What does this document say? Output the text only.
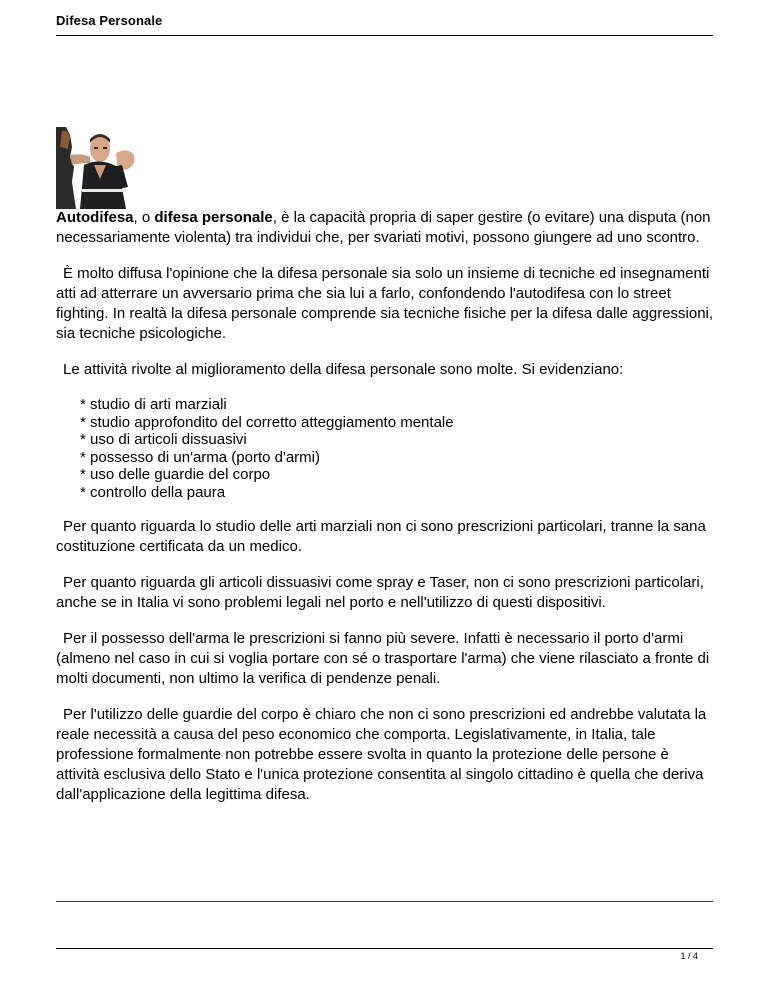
Difesa Personale

Autodifesa, o difesa personale, è la capacità propria di saper gestire (o evitare) una disputa (non necessariamente violenta) tra individui che, per svariati motivi, possono giungere ad uno scontro.

È molto diffusa l'opinione che la difesa personale sia solo un insieme di tecniche ed insegnamenti atti ad atterrare un avversario prima che sia lui a farlo, confondendo l'autodifesa con lo street fighting. In realtà la difesa personale comprende sia tecniche fisiche per la difesa dalle aggressioni, sia tecniche psicologiche.

Le attività rivolte al miglioramento della difesa personale sono molte. Si evidenziano:

* studio di arti marziali
* studio approfondito del corretto atteggiamento mentale
* uso di articoli dissuasivi
* possesso di un'arma (porto d'armi)
* uso delle guardie del corpo
* controllo della paura

Per quanto riguarda lo studio delle arti marziali non ci sono prescrizioni particolari, tranne la sana costituzione certificata da un medico.

Per quanto riguarda gli articoli dissuasivi come spray e Taser, non ci sono prescrizioni particolari, anche se in Italia vi sono problemi legali nel porto e nell'utilizzo di questi dispositivi.

Per il possesso dell'arma le prescrizioni si fanno più severe. Infatti è necessario il porto d'armi (almeno nel caso in cui si voglia portare con sé o trasportare l'arma) che viene rilasciato a fronte di molti documenti, non ultimo la verifica di pendenze penali.

Per l'utilizzo delle guardie del corpo è chiaro che non ci sono prescrizioni ed andrebbe valutata la reale necessità a causa del peso economico che comporta. Legislativamente, in Italia, tale professione formalmente non potrebbe essere svolta in quanto la protezione delle persone è attività esclusiva dello Stato e l'unica protezione consentita al singolo cittadino è quella che deriva dall'applicazione della legittima difesa.

1 / 4
